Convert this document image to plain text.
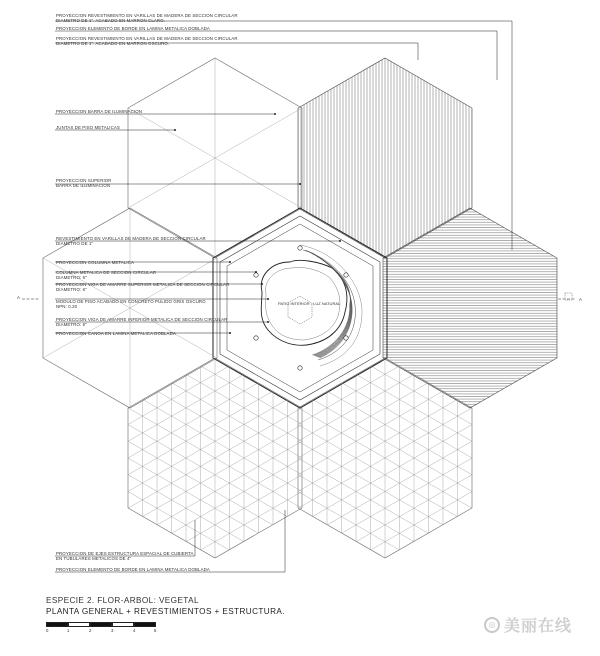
PROYECCION REVESTIMIENTO EN VARILLAS DE MADERA DE SECCION CIRCULAR
DIAMETRO DE 1". ACABADO EN MARRON CLARO.
PROYECCION ELEMENTO DE BORDE EN LAMINA METALICA DOBLADA
PROYECCION REVESTIMIENTO EN VARILLAS DE MADERA DE SECCION CIRCULAR
DIAMETRO DE 1". ACABADO EN MARRON OSCURO.
PROYECCION BARRA DE ILUMINACION
JUNTAS DE PISO METALICAS
PROYECCION SUPERIOR
BARRA DE ILUMINACION
REVESTIMIENTO EN VARILLAS DE MADERA DE SECCION CIRCULAR
DIAMETRO DE 1"
PROYECCION COLUMNA METALICA
COLUMNA METALICA DE SECCION CIRCULAR
DIAMETRO: 6"
PROYECCION VIGA DE AMARRE SUPERIOR METALICA DE SECCION CIRCULAR
DIAMETRO: 6"
MODULO DE PISO ACABADO EN CONCRETO PULIDO GRIS OSCURO
NPN: 0.20
PROYECCION VIGA DE AMARRE INFERIOR METALICA DE SECCION CIRCULAR
DIAMETRO: 6"
PROYECCION CANOA EN LAMINA METALICA DOBLADA
PROYECCION DE EJES ESTRUCTURA ESPACIAL DE CUBIERTA
EN TUBULARES METALICOS DE 4"
PROYECCION ELEMENTO DE BORDE EN LAMINA METALICA DOBLADA
PATIO INTERIOR - LUZ NATURAL
A	A
ESPECIE 2. FLOR-ARBOL: VEGETAL
PLANTA GENERAL + REVESTIMIENTOS + ESTRUCTURA.
0	1	2	3	4	5
◎ 美丽在线
